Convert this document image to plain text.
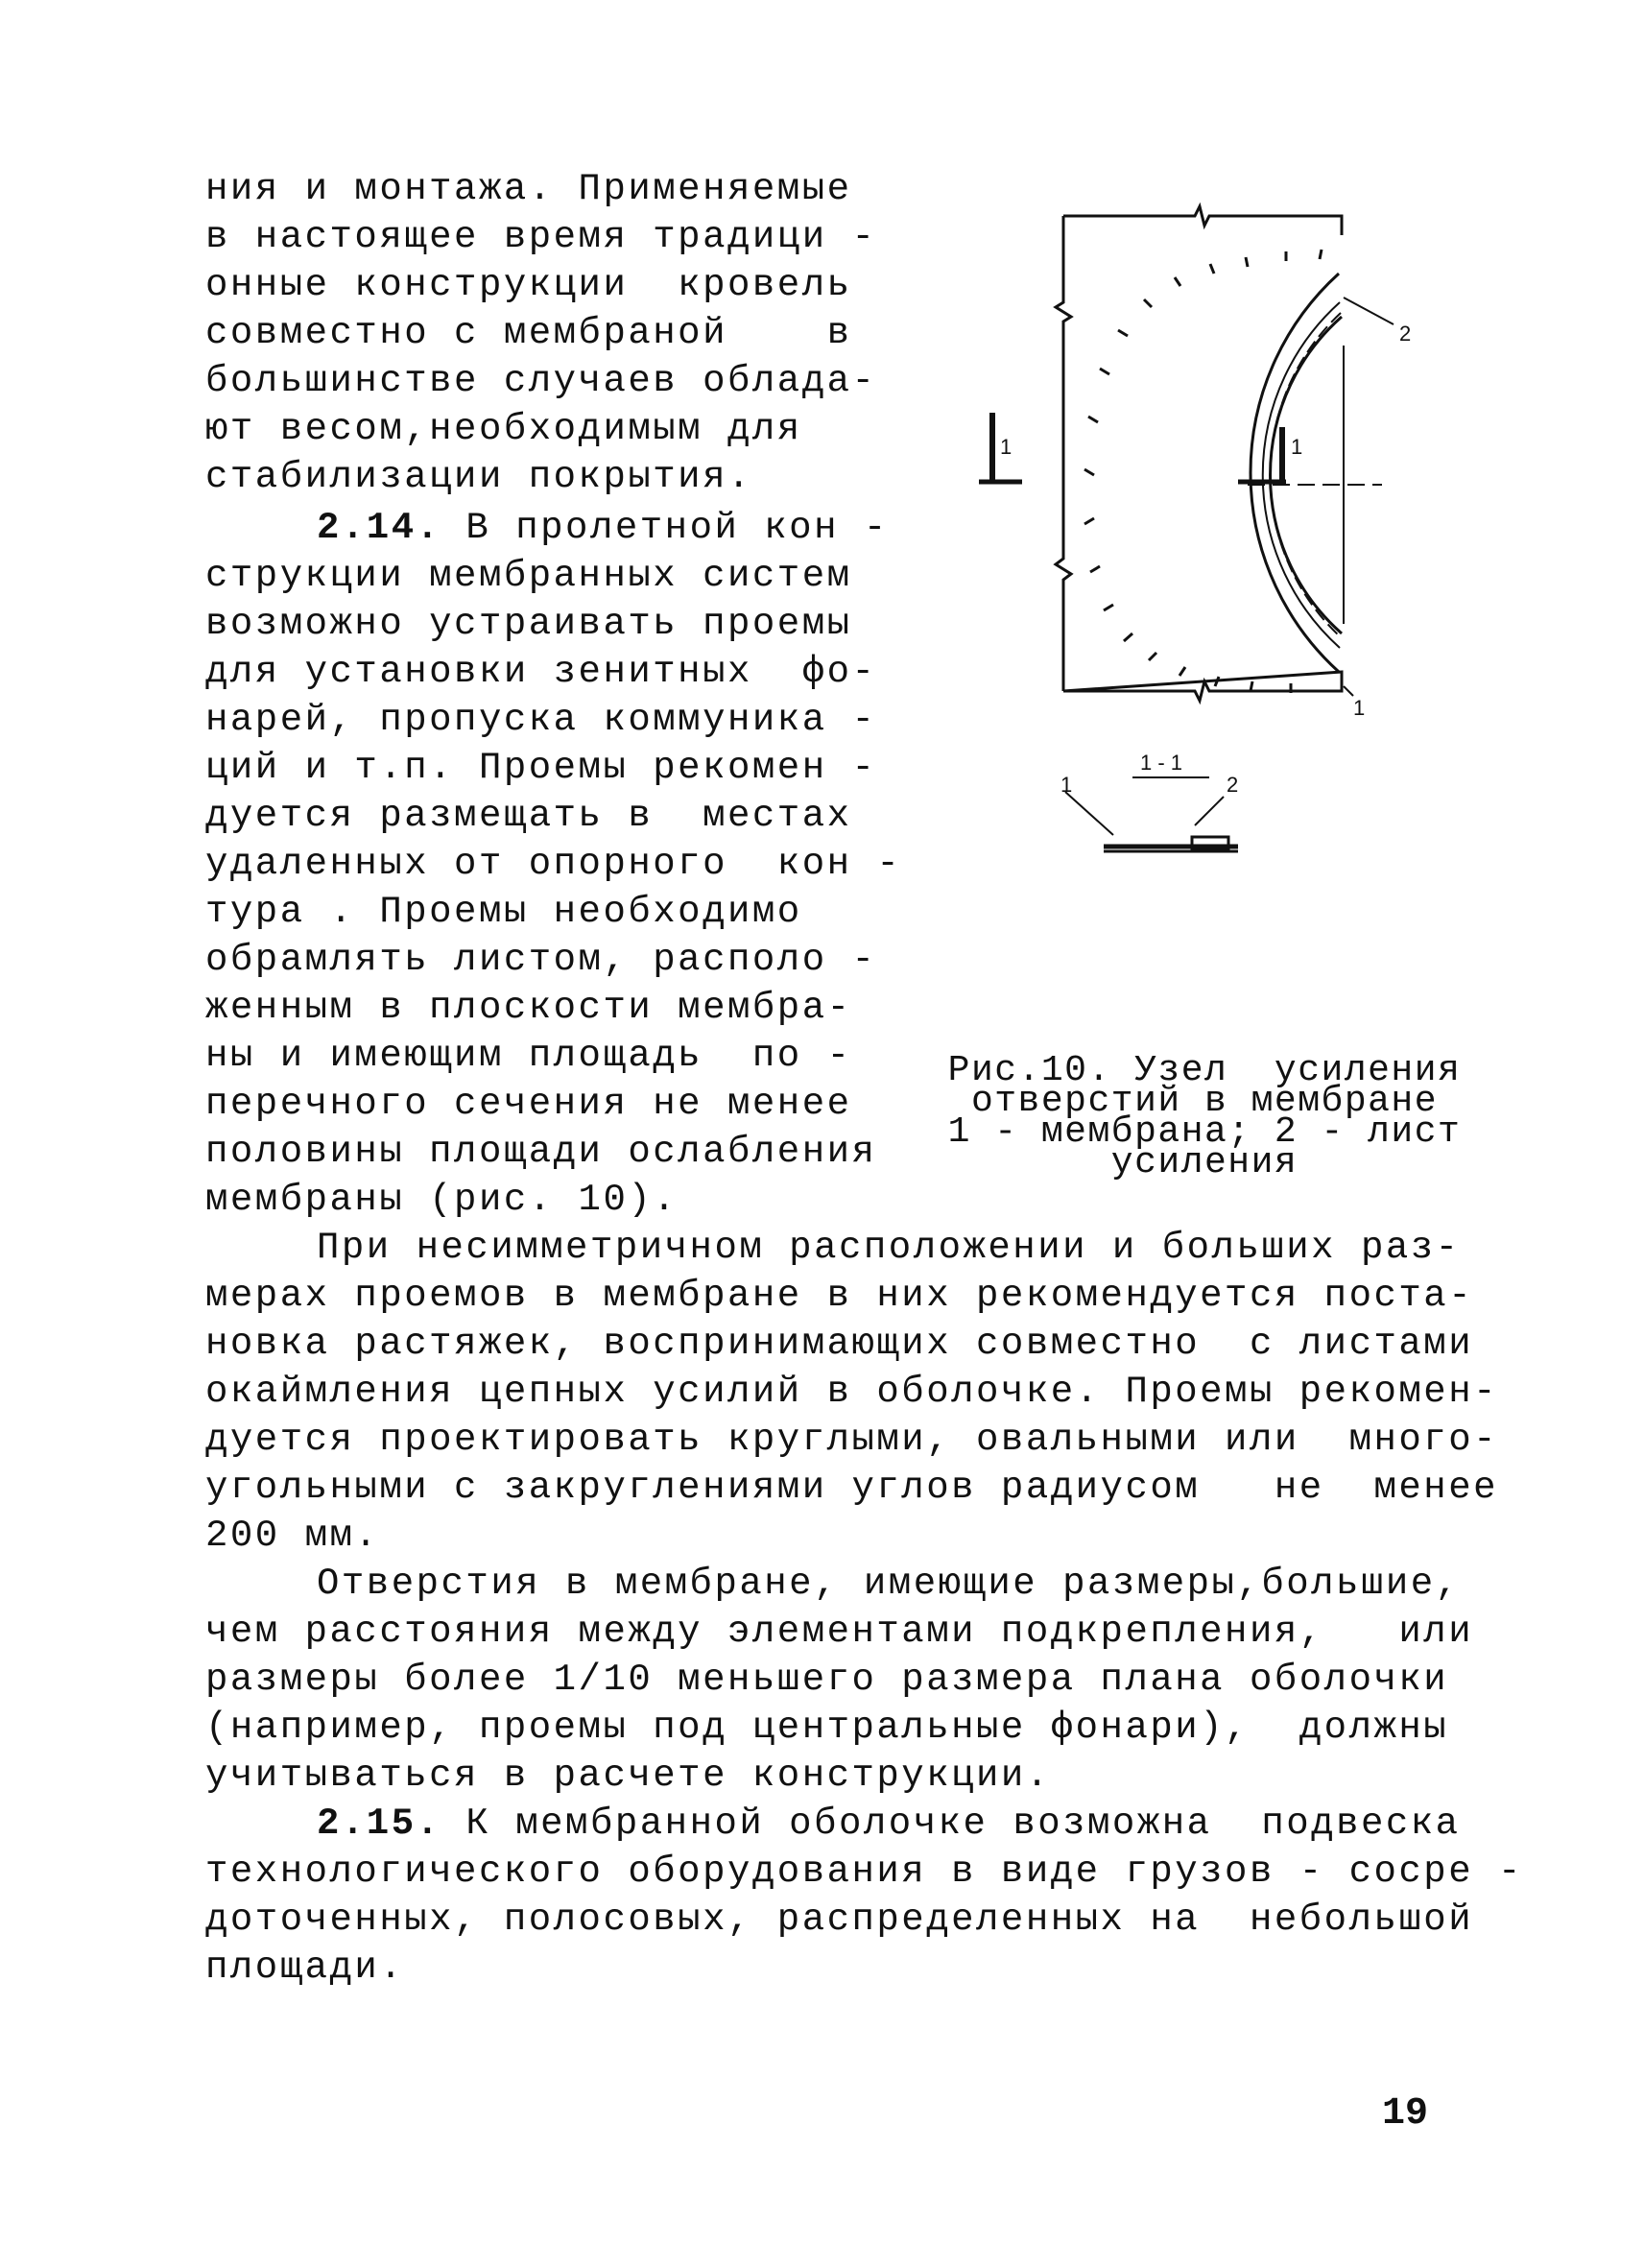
ния и монтажа. Применяемые
в настоящее время традици -
онные конструкции  кровель
совместно с мембраной    в
большинстве случаев облада-
ют весом,необходимым для
стабилизации покрытия.
2.14. В пролетной кон -
струкции мембранных систем
возможно устраивать проемы
для установки зенитных  фо-
нарей, пропуска коммуника -
ций и т.п. Проемы рекомен -
дуется размещать в  местах
удаленных от опорного  кон -
тура . Проемы необходимо
обрамлять листом, располо -
женным в плоскости мембра-
ны и имеющим площадь  по -
перечного сечения не менее
половины площади ослабления
мембраны (рис. 10).
1	1
2
1
1 - 1
1	2
Рис.10. Узел  усиления
отверстий в мембране
1 - мембрана; 2 - лист
усиления
При несимметричном расположении и больших раз-
мерах проемов в мембране в них рекомендуется поста-
новка растяжек, воспринимающих совместно  с листами
окаймления цепных усилий в оболочке. Проемы рекомен-
дуется проектировать круглыми, овальными или  много-
угольными с закруглениями углов радиусом   не  менее
200 мм.
Отверстия в мембране, имеющие размеры,большие,
чем расстояния между элементами подкрепления,   или
размеры более 1/10 меньшего размера плана оболочки
(например, проемы под центральные фонари),  должны
учитываться в расчете конструкции.
2.15. К мембранной оболочке возможна  подвеска
технологического оборудования в виде грузов - сосре -
доточенных, полосовых, распределенных на  небольшой
площади.
19
